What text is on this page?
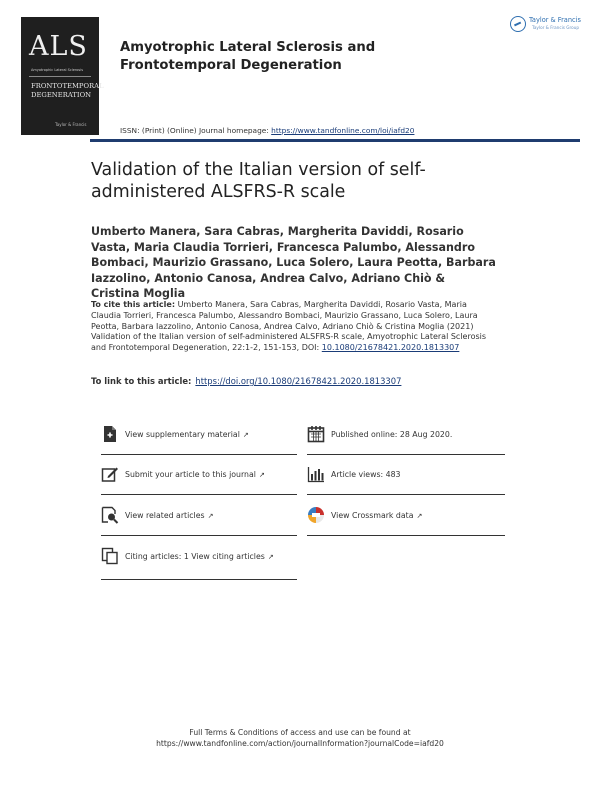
ALS
Amyotrophic Lateral Sclerosis
FRONTOTEMPORAL
DEGENERATION
Taylor & Francis
Amyotrophic Lateral Sclerosis and Frontotemporal Degeneration
Taylor & Francis
Taylor & Francis Group
ISSN: (Print) (Online) Journal homepage: https://www.tandfonline.com/loi/iafd20
Validation of the Italian version of self-administered ALSFRS-R scale
Umberto Manera, Sara Cabras, Margherita Daviddi, Rosario Vasta, Maria Claudia Torrieri, Francesca Palumbo, Alessandro Bombaci, Maurizio Grassano, Luca Solero, Laura Peotta, Barbara Iazzolino, Antonio Canosa, Andrea Calvo, Adriano Chiò & Cristina Moglia
To cite this article: Umberto Manera, Sara Cabras, Margherita Daviddi, Rosario Vasta, Maria Claudia Torrieri, Francesca Palumbo, Alessandro Bombaci, Maurizio Grassano, Luca Solero, Laura Peotta, Barbara Iazzolino, Antonio Canosa, Andrea Calvo, Adriano Chiò & Cristina Moglia (2021) Validation of the Italian version of self-administered ALSFRS-R scale, Amyotrophic Lateral Sclerosis and Frontotemporal Degeneration, 22:1-2, 151-153, DOI: 10.1080/21678421.2020.1813307
To link to this article: https://doi.org/10.1080/21678421.2020.1813307
View supplementary material ↗	Published online: 28 Aug 2020.
Submit your article to this journal ↗	Article views: 483
View related articles ↗	View Crossmark data ↗
Citing articles: 1 View citing articles ↗
Full Terms & Conditions of access and use can be found at
https://www.tandfonline.com/action/journalInformation?journalCode=iafd20
